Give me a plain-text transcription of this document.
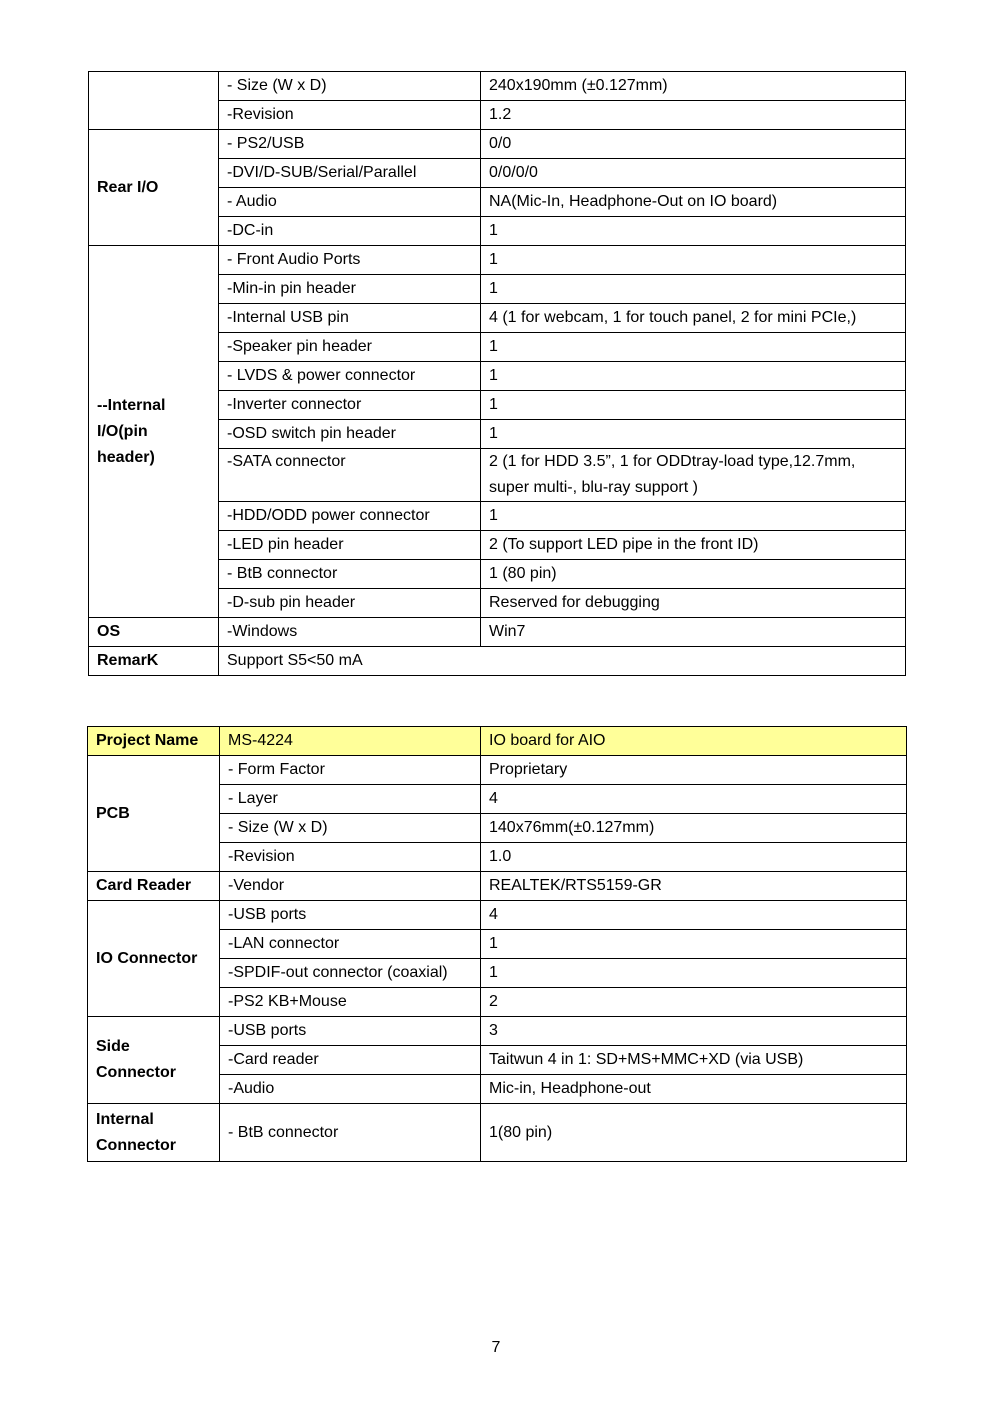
	- Size (W x D)	240x190mm (±0.127mm)
	-Revision	1.2
Rear I/O	- PS2/USB	0/0
	-DVI/D-SUB/Serial/Parallel	0/0/0/0
	- Audio	NA(Mic-In, Headphone-Out on IO board)
	-DC-in	1

--Internal
I/O(pin
header)	- Front Audio Ports	1
	-Min-in pin header	1
	-Internal USB pin	4 (1 for webcam, 1 for touch panel, 2 for mini PCIe,)
	-Speaker pin header	1
	- LVDS & power connector	1
	-Inverter connector	1
	-OSD switch pin header	1
	-SATA connector	2 (1 for HDD 3.5”, 1 for ODDtray-load type,12.7mm,
super multi-, blu-ray support )

	-HDD/ODD power connector	1
	-LED pin header	2 (To support LED pipe in the front ID)
	- BtB connector	1 (80 pin)
	-D-sub pin header	Reserved for debugging
OS	-Windows	Win7
RemarK	Support S5<50 mA	
Project Name	MS-4224	IO board for AIO
PCB	- Form Factor	Proprietary
	- Layer	4
	- Size (W x D)	140x76mm(±0.127mm)
	-Revision	1.0
Card Reader	-Vendor	REALTEK/RTS5159-GR
IO Connector	-USB ports	4
	-LAN connector	1
	-SPDIF-out connector (coaxial)	1
	-PS2 KB+Mouse	2

Side
Connector	-USB ports	3
	-Card reader	Taitwun 4 in 1: SD+MS+MMC+XD (via USB)
	-Audio	Mic-in, Headphone-out

Internal
Connector	- BtB connector	1(80 pin)
7
